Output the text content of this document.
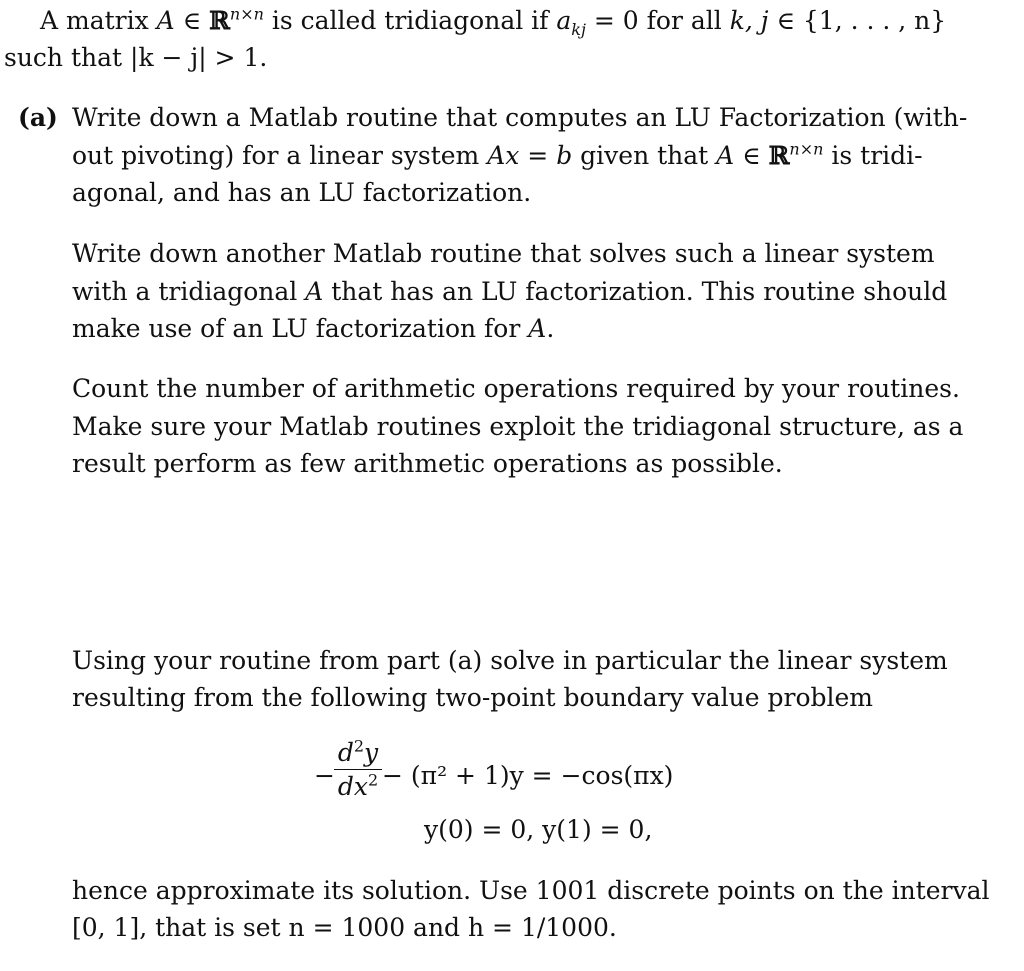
A matrix A ∈ ℝ$^{n\times n}$ is called tridiagonal if $a_{kj} = 0$ for all k, j ∈ {1, . . . , n}
such that |k − j| > 1.
(a) Write down a Matlab routine that computes an LU Factorization (with-
out pivoting) for a linear system Ax = b given that A ∈ ℝ$^{n\times n}$ is tridi-
agonal, and has an LU factorization.
Write down another Matlab routine that solves such a linear system
with a tridiagonal A that has an LU factorization. This routine should
make use of an LU factorization for A.
Count the number of arithmetic operations required by your routines.
Make sure your Matlab routines exploit the tridiagonal structure, as a
result perform as few arithmetic operations as possible.
Using your routine from part (a) solve in particular the linear system
resulting from the following two-point boundary value problem
−
$d^2y$
$dx^2 - (\pi^2 + 1)y = -\cos(\pi x)$
y(0) = 0, y(1) = 0,
hence approximate its solution. Use 1001 discrete points on the interval
[0, 1], that is set n = 1000 and h = 1/1000.
